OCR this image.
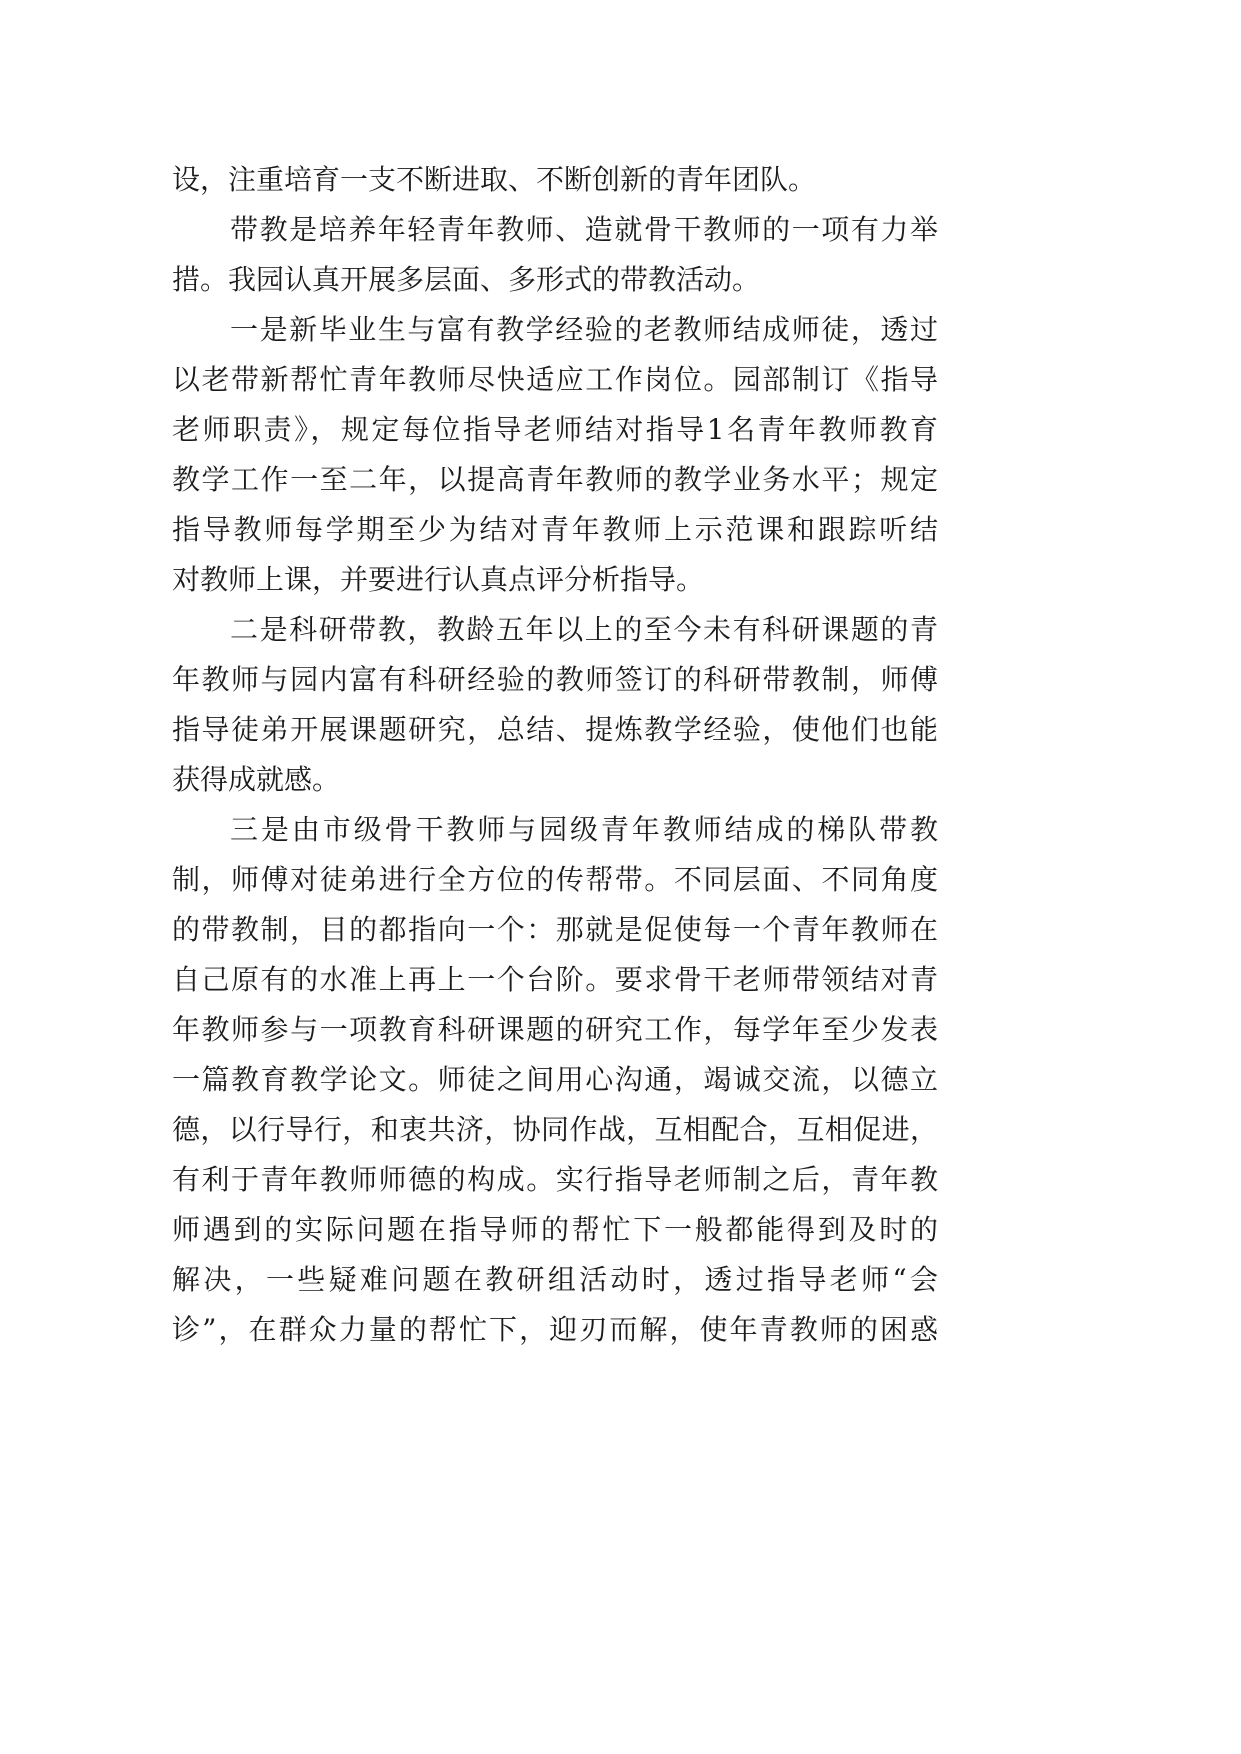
设，注重培育一支不断进取、不断创新的青年团队。
带教是培养年轻青年教师、造就骨干教师的一项有力举
措。我园认真开展多层面、多形式的带教活动。
一是新毕业生与富有教学经验的老教师结成师徒，透过
以老带新帮忙青年教师尽快适应工作岗位。园部制订《指导
老师职责》，规定每位指导老师结对指导1名青年教师教育
教学工作一至二年，以提高青年教师的教学业务水平；规定
指导教师每学期至少为结对青年教师上示范课和跟踪听结
对教师上课，并要进行认真点评分析指导。
二是科研带教，教龄五年以上的至今未有科研课题的青
年教师与园内富有科研经验的教师签订的科研带教制，师傅
指导徒弟开展课题研究，总结、提炼教学经验，使他们也能
获得成就感。
三是由市级骨干教师与园级青年教师结成的梯队带教
制，师傅对徒弟进行全方位的传帮带。不同层面、不同角度
的带教制，目的都指向一个：那就是促使每一个青年教师在
自己原有的水准上再上一个台阶。要求骨干老师带领结对青
年教师参与一项教育科研课题的研究工作，每学年至少发表
一篇教育教学论文。师徒之间用心沟通，竭诚交流，以德立
德，以行导行，和衷共济，协同作战，互相配合，互相促进，
有利于青年教师师德的构成。实行指导老师制之后，青年教
师遇到的实际问题在指导师的帮忙下一般都能得到及时的
解决，一些疑难问题在教研组活动时，透过指导老师“会
诊”，在群众力量的帮忙下，迎刃而解，使年青教师的困惑
